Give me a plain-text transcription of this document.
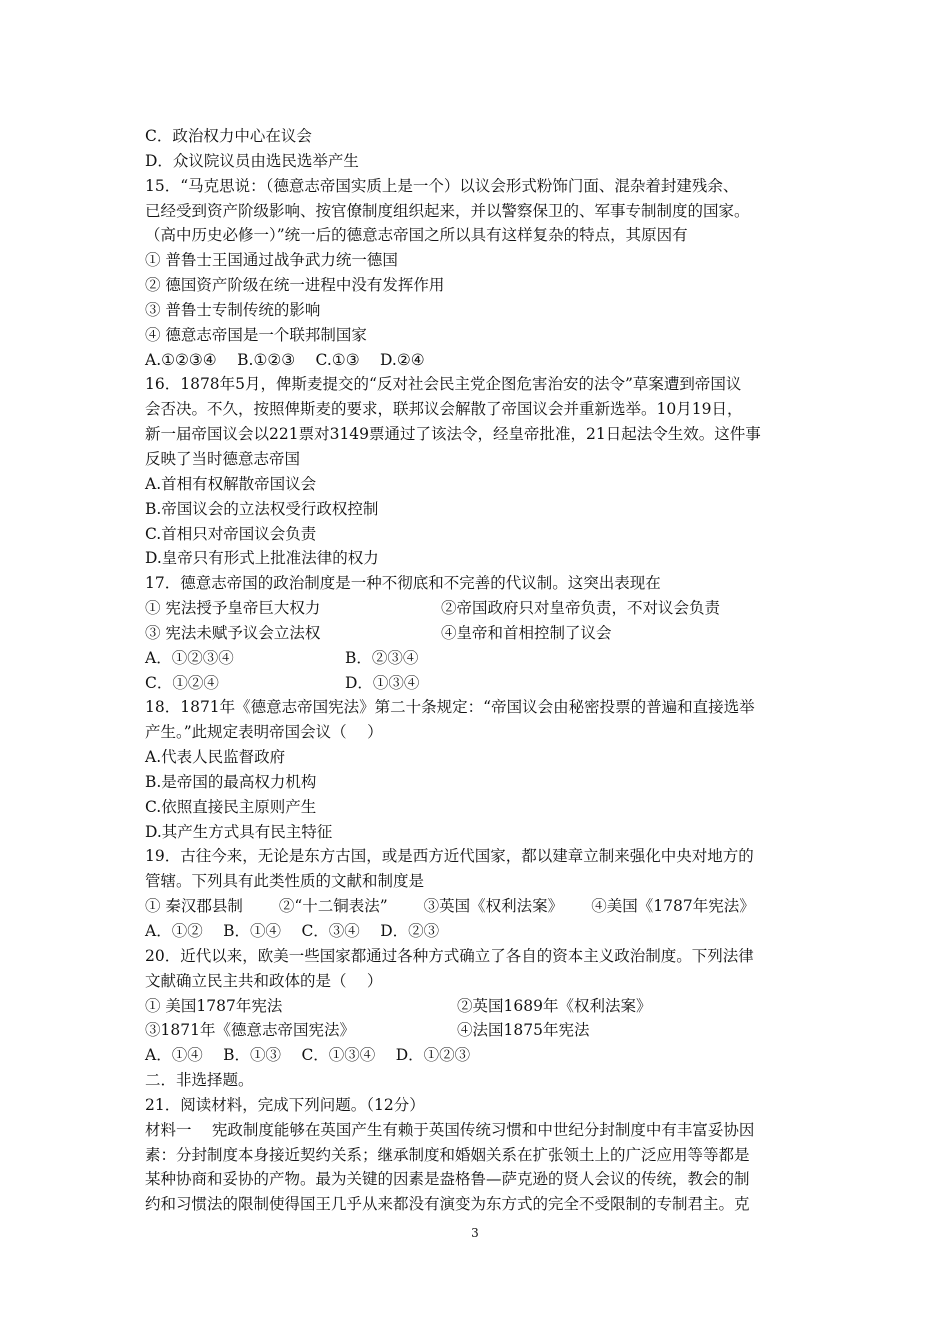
C．政治权力中心在议会
D．众议院议员由选民选举产生
15．“马克思说：（德意志帝国实质上是一个）以议会形式粉饰门面、混杂着封建残余、
已经受到资产阶级影响、按官僚制度组织起来，并以警察保卫的、军事专制制度的国家。
（高中历史必修一）”统一后的德意志帝国之所以具有这样复杂的特点，其原因有
① 普鲁士王国通过战争武力统一德国
② 德国资产阶级在统一进程中没有发挥作用
③ 普鲁士专制传统的影响
④ 德意志帝国是一个联邦制国家
A.①②③④　 B.①②③　 C.①③　 D.②④
16．1878年5月，俾斯麦提交的“反对社会民主党企图危害治安的法令”草案遭到帝国议
会否决。不久，按照俾斯麦的要求，联邦议会解散了帝国议会并重新选举。10月19日，
新一届帝国议会以221票对3149票通过了该法令，经皇帝批准，21日起法令生效。这件事
反映了当时德意志帝国
A.首相有权解散帝国议会
B.帝国议会的立法权受行政权控制
C.首相只对帝国议会负责
D.皇帝只有形式上批准法律的权力
17．德意志帝国的政治制度是一种不彻底和不完善的代议制。这突出表现在
① 宪法授予皇帝巨大权力	②帝国政府只对皇帝负责，不对议会负责
③ 宪法未赋予议会立法权	④皇帝和首相控制了议会
A．①②③④	B．②③④
C．①②④	D．①③④
18．1871年《德意志帝国宪法》第二十条规定：“帝国议会由秘密投票的普遍和直接选举
产生。”此规定表明帝国会议（　 ）
A.代表人民监督政府
B.是帝国的最高权力机构
C.依照直接民主原则产生
D.其产生方式具有民主特征
19．古往今来，无论是东方古国，或是西方近代国家，都以建章立制来强化中央对地方的
管辖。下列具有此类性质的文献和制度是
① 秦汉郡县制　　 ②“十二铜表法”　　 ③英国《权利法案》　　 ④美国《1787年宪法》
A．①②　 B．①④　 C．③④　 D．②③
20．近代以来，欧美一些国家都通过各种方式确立了各自的资本主义政治制度。下列法律
文献确立民主共和政体的是（　 ）
① 美国1787年宪法	②英国1689年《权利法案》
③1871年《德意志帝国宪法》	④法国1875年宪法
A．①④　 B．①③　 C．①③④　 D．①②③
二．非选择题。
21．阅读材料，完成下列问题。（12分）
材料一　 宪政制度能够在英国产生有赖于英国传统习惯和中世纪分封制度中有丰富妥协因
素：分封制度本身接近契约关系；继承制度和婚姻关系在扩张领土上的广泛应用等等都是
某种协商和妥协的产物。最为关键的因素是盎格鲁—萨克逊的贤人会议的传统，教会的制
约和习惯法的限制使得国王几乎从来都没有演变为东方式的完全不受限制的专制君主。克
3
